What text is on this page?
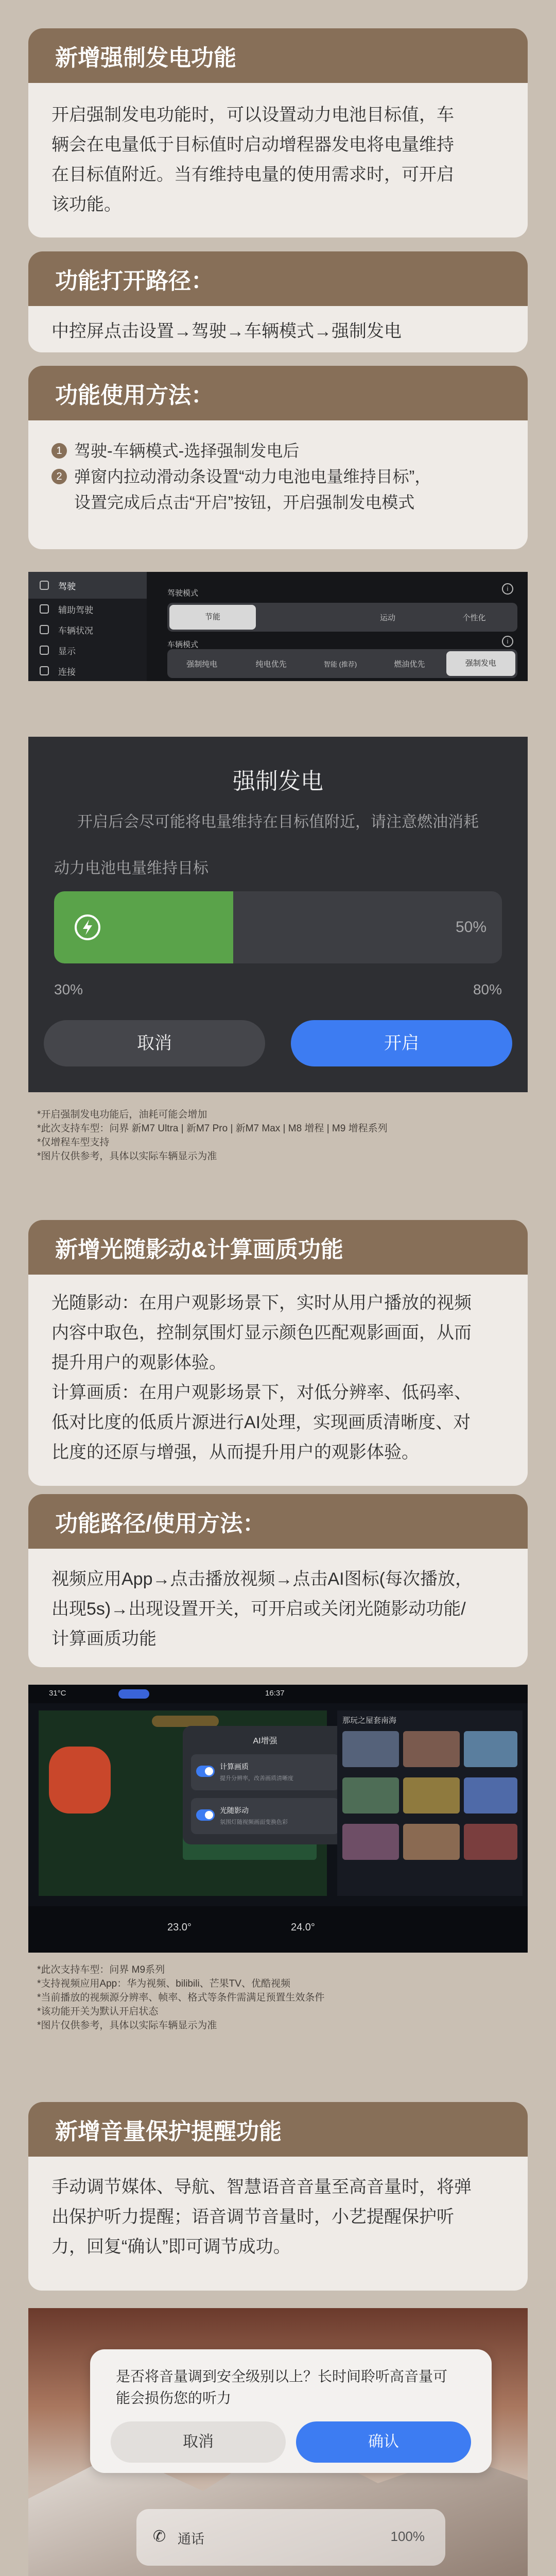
新增强制发电功能
开启强制发电功能时，可以设置动力电池目标值，车
辆会在电量低于目标值时启动增程器发电将电量维持
在目标值附近。当有维持电量的使用需求时，可开启
该功能。
功能打开路径：
中控屏点击设置→驾驶→车辆模式→强制发电
功能使用方法：
1 驾驶-车辆模式-选择强制发电后
2 弹窗内拉动滑动条设置“动力电池电量维持目标”，
设置完成后点击“开启”按钮，开启强制发电模式
驾驶
辅助驾驶
车辆状况
显示
连接
驾驶模式
i
节能	运动	个性化
车辆模式	i
强制纯电	纯电优先	智能 (推荐)	燃油优先	强制发电
强制发电
开启后会尽可能将电量维持在目标值附近，请注意燃油消耗
动力电池电量维持目标
50%
30%	80%
取消	开启
*开启强制发电功能后，油耗可能会增加
*此次支持车型：问界 新M7 Ultra | 新M7 Pro | 新M7 Max | M8 增程 | M9 增程系列
*仅增程车型支持
*图片仅供参考，具体以实际车辆显示为准
新增光随影动&计算画质功能
光随影动：在用户观影场景下，实时从用户播放的视频
内容中取色，控制氛围灯显示颜色匹配观影画面，从而
提升用户的观影体验。
计算画质：在用户观影场景下，对低分辨率、低码率、
低对比度的低质片源进行AI处理，实现画质清晰度、对
比度的还原与增强，从而提升用户的观影体验。
功能路径/使用方法：
视频应用App→点击播放视频→点击AI图标(每次播放，
出现5s)→出现设置开关，可开启或关闭光随影动功能/
计算画质功能
31°C	16:37
AI增强
计算画质
提升分辨率，改善画质清晰度
光随影动
氛围灯随视频画面变换色彩
那玩之屋套南海
23.0°	24.0°
*此次支持车型：问界 M9系列
*支持视频应用App：华为视频、bilibili、芒果TV、优酷视频
*当前播放的视频源分辨率、帧率、格式等条件需满足预置生效条件
*该功能开关为默认开启状态
*图片仅供参考，具体以实际车辆显示为准
新增音量保护提醒功能
手动调节媒体、导航、智慧语音音量至高音量时，将弹
出保护听力提醒；语音调节音量时，小艺提醒保护听
力，回复“确认”即可调节成功。
是否将音量调到安全级别以上？长时间聆听高音量可
能会损伤您的听力
取消	确认
✆ 通话	100%
